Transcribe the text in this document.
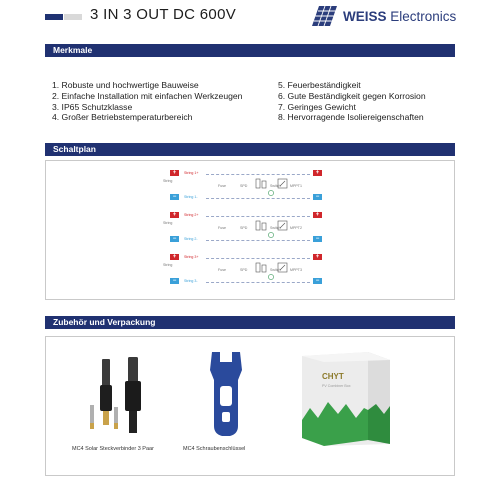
3 IN 3 OUT DC 600V	WEISS Electronics
Merkmale
1. Robuste und hochwertige Bauweise
2. Einfache Installation mit einfachen Werkzeugen
3. IP65 Schutzklasse
4. Großer Betriebstemperaturbereich
5. Feuerbeständigkeit
6. Gute Beständigkeit gegen Korrosion
7. Geringes Gewicht
8. Hervorragende Isoliereigenschaften
Schaltplan
+	String 1+
String
−	String 1-
Fuse	SPD	Switch	MPPT1
+
−
+	String 2+
String
−	String 2-
Fuse	SPD	Switch	MPPT2
+
−
+	String 3+
String
−	String 3-
Fuse	SPD	Switch	MPPT3
+
−
Zubehör und Verpackung
MC4 Solar Steckverbinder 3 Paar	MC4 Schraubenschlüssel
CHYT
PV Combiner Box
